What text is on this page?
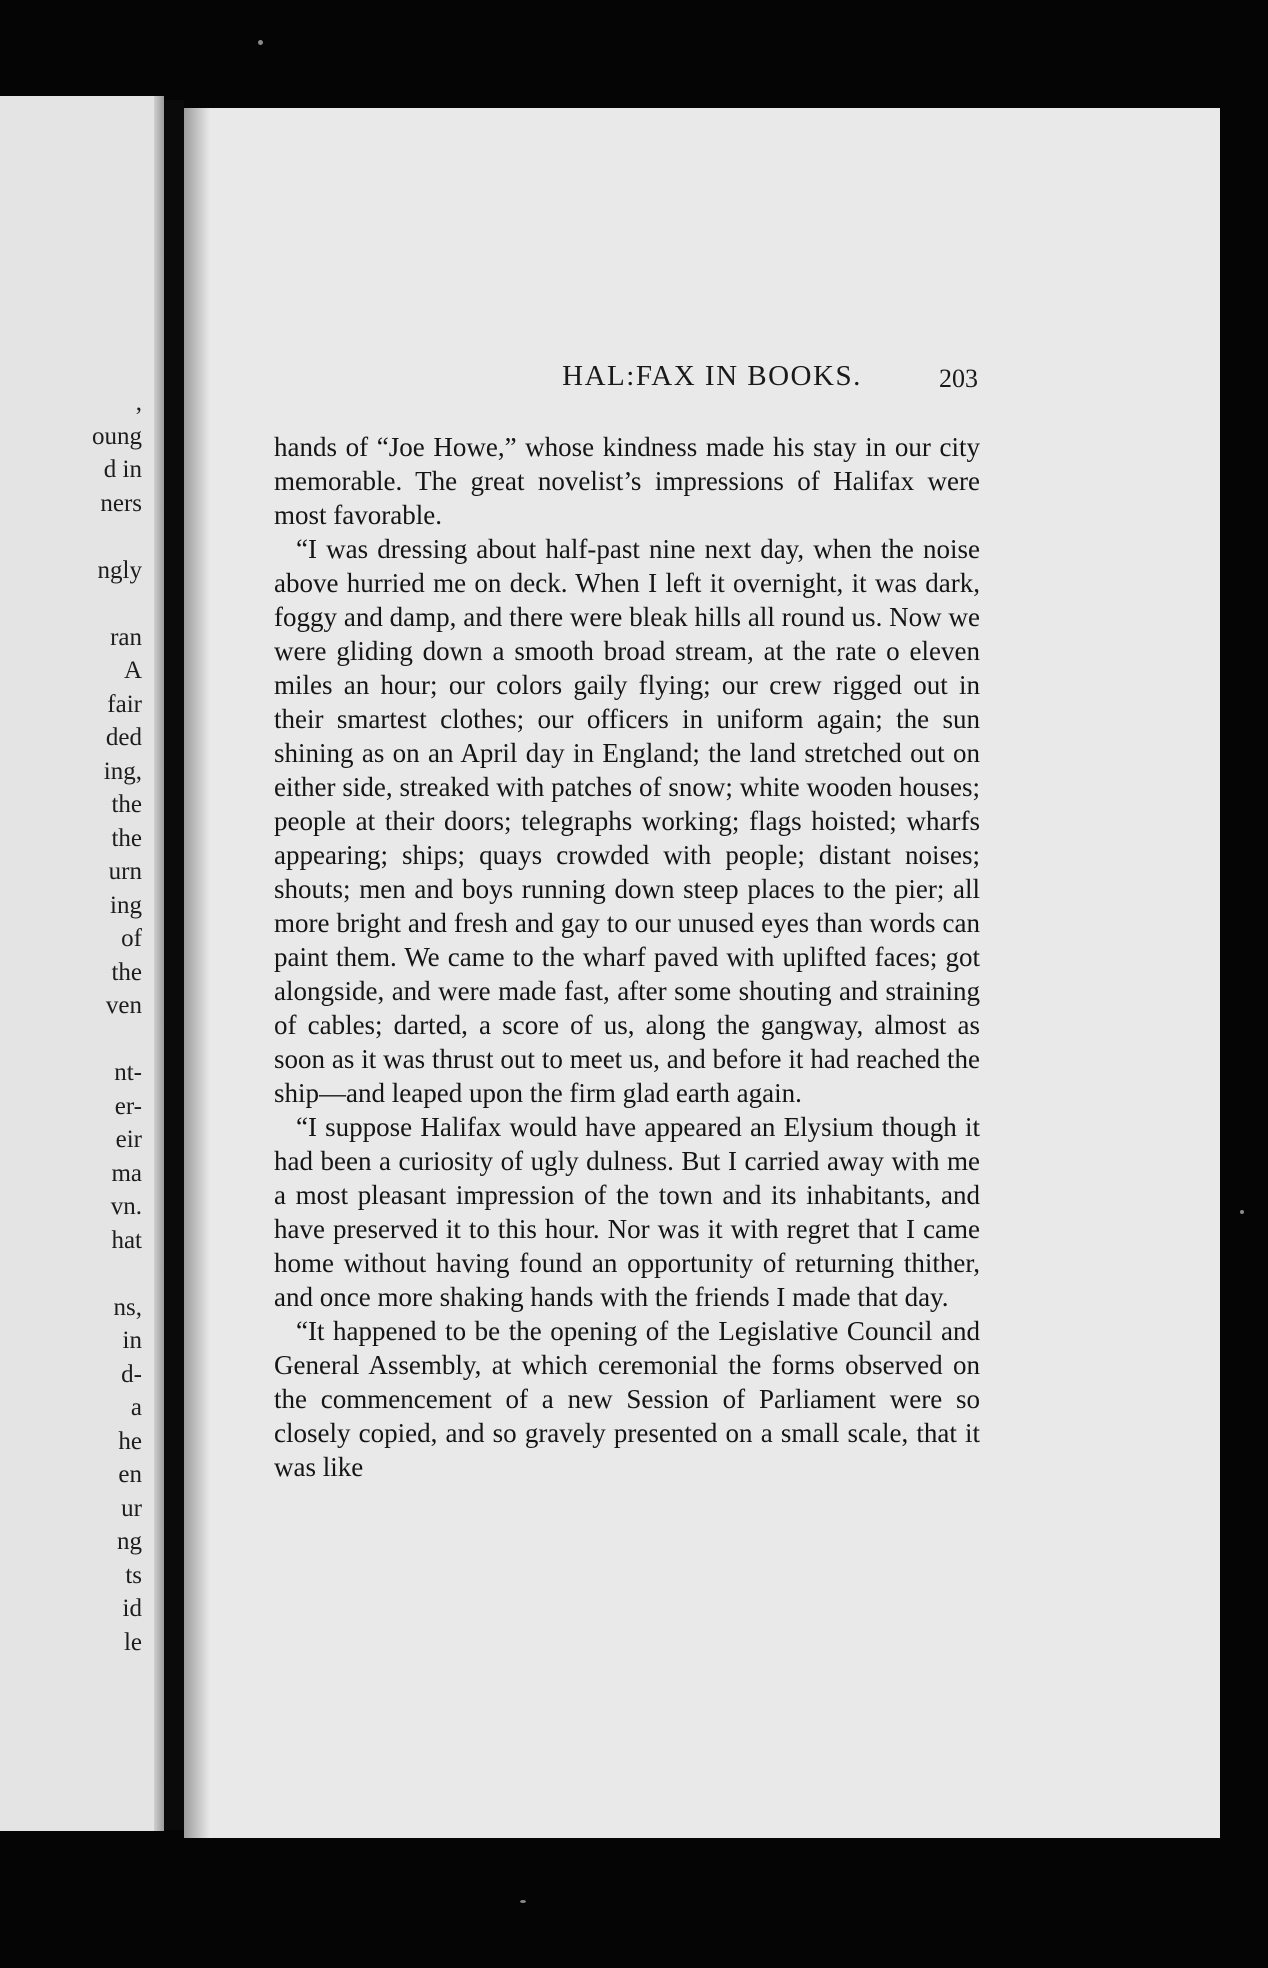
,
oung
d in
ners
ngly
ran
A
fair
ded
ing,
the
the
urn
ing
of
the
ven
nt-
er-
eir
ma
vn.
hat
ns,
in
d-
a
he
en
ur
ng
ts
id
le
HAL:FAX IN BOOKS.	203

hands of “Joe Howe,” whose kindness made his stay in our city memorable. The great novelist’s impressions of Halifax were most favorable.

“I was dressing about half-past nine next day, when the noise above hurried me on deck. When I left it overnight, it was dark, foggy and damp, and there were bleak hills all round us. Now we were gliding down a smooth broad stream, at the rate o eleven miles an hour; our colors gaily flying; our crew rigged out in their smartest clothes; our officers in uniform again; the sun shining as on an April day in England; the land stretched out on either side, streaked with patches of snow; white wooden houses; people at their doors; telegraphs working; flags hoisted; wharfs appearing; ships; quays crowded with people; distant noises; shouts; men and boys running down steep places to the pier; all more bright and fresh and gay to our unused eyes than words can paint them. We came to the wharf paved with uplifted faces; got alongside, and were made fast, after some shouting and straining of cables; darted, a score of us, along the gangway, almost as soon as it was thrust out to meet us, and before it had reached the ship—and leaped upon the firm glad earth again.

“I suppose Halifax would have appeared an Elysium though it had been a curiosity of ugly dulness. But I carried away with me a most pleasant impression of the town and its inhabitants, and have preserved it to this hour. Nor was it with regret that I came home without having found an opportunity of returning thither, and once more shaking hands with the friends I made that day.

“It happened to be the opening of the Legislative Council and General Assembly, at which ceremonial the forms observed on the commencement of a new Session of Parliament were so closely copied, and so gravely presented on a small scale, that it was like
